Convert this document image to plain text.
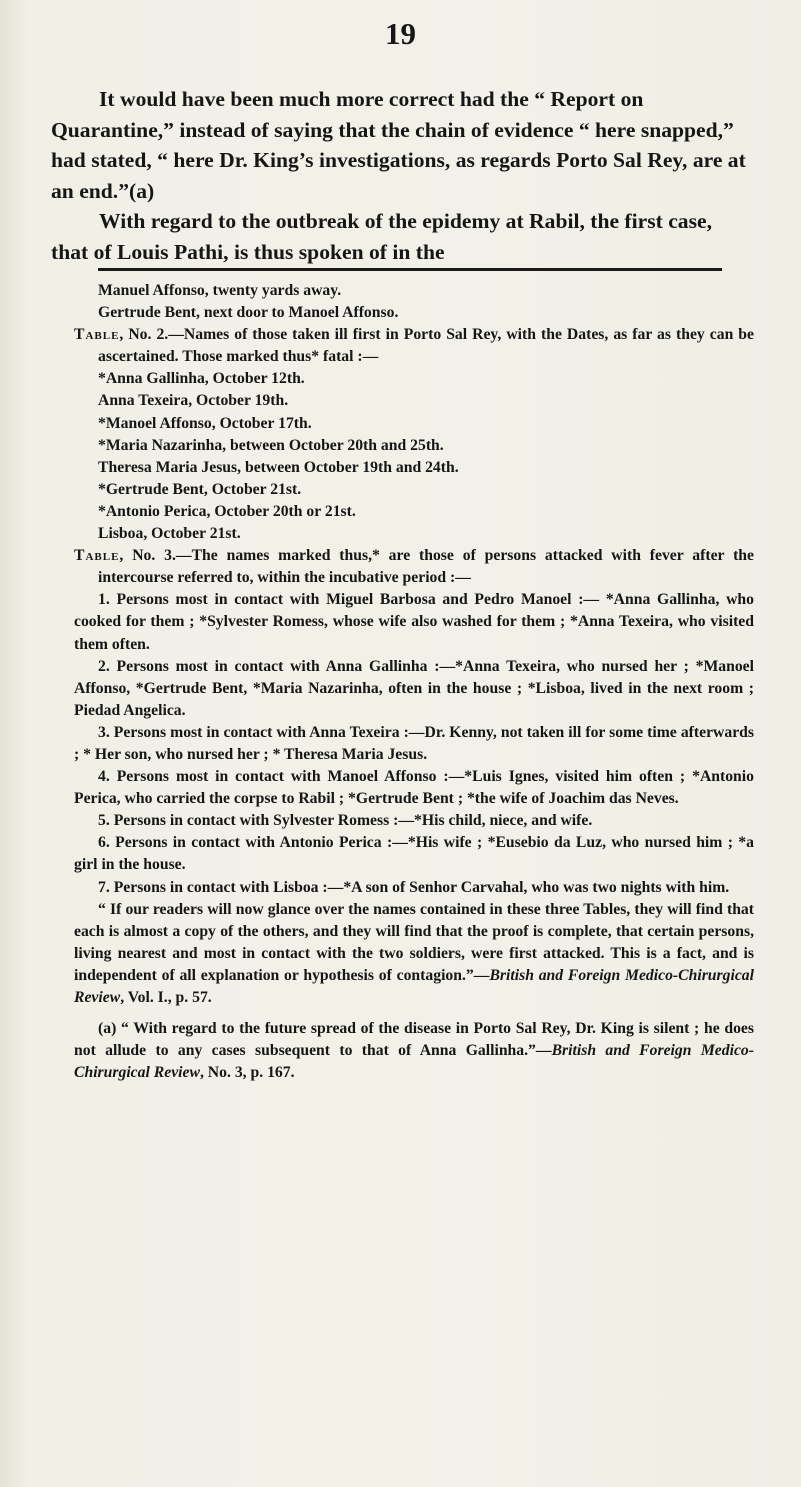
19

It would have been much more correct had the “ Report on Quarantine,” instead of saying that the chain of evidence “ here snapped,” had stated, “ here Dr. King’s investigations, as regards Porto Sal Rey, are at an end.”(a)

With regard to the outbreak of the epidemy at Rabil, the first case, that of Louis Pathi, is thus spoken of in the

Manuel Affonso, twenty yards away.

Gertrude Bent, next door to Manoel Affonso.

Table, No. 2.—Names of those taken ill first in Porto Sal Rey, with the Dates, as far as they can be ascertained. Those marked thus* fatal :—

*Anna Gallinha, October 12th.

Anna Texeira, October 19th.

*Manoel Affonso, October 17th.

*Maria Nazarinha, between October 20th and 25th.

Theresa Maria Jesus, between October 19th and 24th.

*Gertrude Bent, October 21st.

*Antonio Perica, October 20th or 21st.

Lisboa, October 21st.

Table, No. 3.—The names marked thus,* are those of persons attacked with fever after the intercourse referred to, within the incubative period :—

1. Persons most in contact with Miguel Barbosa and Pedro Manoel :— *Anna Gallinha, who cooked for them ; *Sylvester Romess, whose wife also washed for them ; *Anna Texeira, who visited them often.

2. Persons most in contact with Anna Gallinha :—*Anna Texeira, who nursed her ; *Manoel Affonso, *Gertrude Bent, *Maria Nazarinha, often in the house ; *Lisboa, lived in the next room ; Piedad Angelica.

3. Persons most in contact with Anna Texeira :—Dr. Kenny, not taken ill for some time afterwards ; * Her son, who nursed her ; * Theresa Maria Jesus.

4. Persons most in contact with Manoel Affonso :—*Luis Ignes, visited him often ; *Antonio Perica, who carried the corpse to Rabil ; *Gertrude Bent ; *the wife of Joachim das Neves.

5. Persons in contact with Sylvester Romess :—*His child, niece, and wife.

6. Persons in contact with Antonio Perica :—*His wife ; *Eusebio da Luz, who nursed him ; *a girl in the house.

7. Persons in contact with Lisboa :—*A son of Senhor Carvahal, who was two nights with him.

“ If our readers will now glance over the names contained in these three Tables, they will find that each is almost a copy of the others, and they will find that the proof is complete, that certain persons, living nearest and most in contact with the two soldiers, were first attacked. This is a fact, and is independent of all explanation or hypothesis of contagion.”—British and Foreign Medico-Chirurgical Review, Vol. I., p. 57.

(a) “ With regard to the future spread of the disease in Porto Sal Rey, Dr. King is silent ; he does not allude to any cases subsequent to that of Anna Gallinha.”—British and Foreign Medico-Chirurgical Review, No. 3, p. 167.
